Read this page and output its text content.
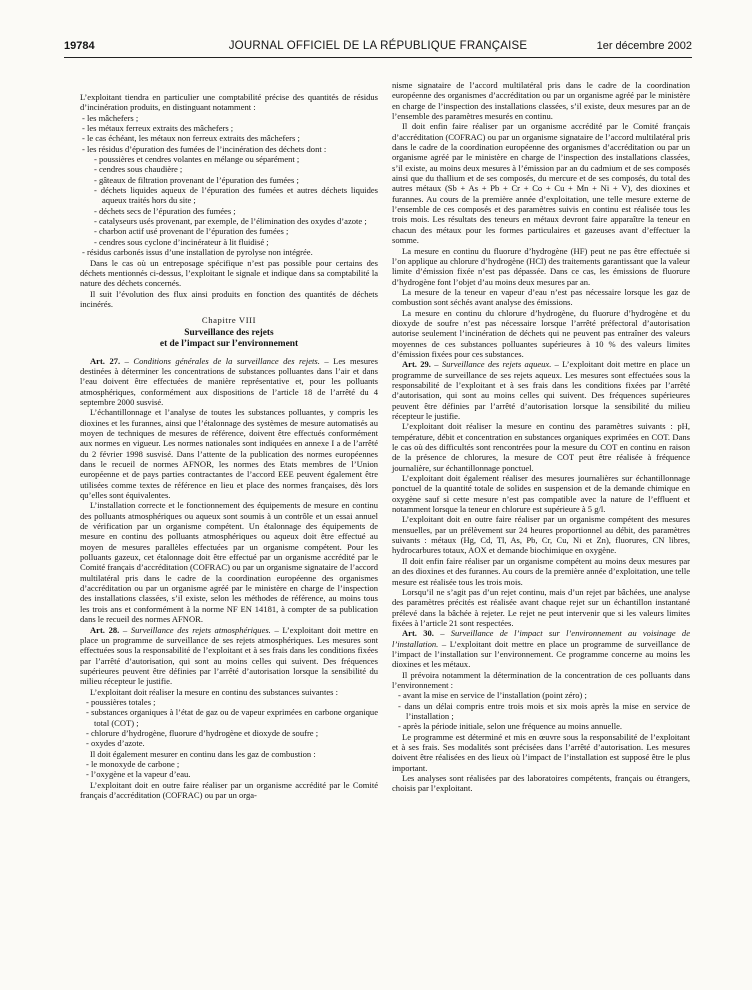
19784	JOURNAL OFFICIEL DE LA RÉPUBLIQUE FRANÇAISE	1er décembre 2002

L’exploitant tiendra en particulier une comptabilité précise des quantités de résidus d’incinération produits, en distinguant notamment :

- les mâchefers ;
- les métaux ferreux extraits des mâchefers ;
- le cas échéant, les métaux non ferreux extraits des mâchefers ;
- les résidus d’épuration des fumées de l’incinération des déchets dont :
- poussières et cendres volantes en mélange ou séparément ;
- cendres sous chaudière ;
- gâteaux de filtration provenant de l’épuration des fumées ;
- déchets liquides aqueux de l’épuration des fumées et autres déchets liquides aqueux traités hors du site ;
- déchets secs de l’épuration des fumées ;
- catalyseurs usés provenant, par exemple, de l’élimination des oxydes d’azote ;
- charbon actif usé provenant de l’épuration des fumées ;
- cendres sous cyclone d’incinérateur à lit fluidisé ;
- résidus carbonés issus d’une installation de pyrolyse non intégrée.

Dans le cas où un entreposage spécifique n’est pas possible pour certains des déchets mentionnés ci-dessus, l’exploitant le signale et indique dans sa comptabilité la nature des déchets concernés.

Il suit l’évolution des flux ainsi produits en fonction des quantités de déchets incinérés.

Chapitre VIII
Surveillance des rejets
et de l’impact sur l’environnement

Art. 27. – Conditions générales de la surveillance des rejets. – Les mesures destinées à déterminer les concentrations de substances polluantes dans l’air et dans l’eau doivent être effectuées de manière représentative et, pour les polluants atmosphériques, conformément aux dispositions de l’article 18 de l’arrêté du 4 septembre 2000 susvisé.

L’échantillonnage et l’analyse de toutes les substances polluantes, y compris les dioxines et les furannes, ainsi que l’étalonnage des systèmes de mesure automatisés au moyen de techniques de mesures de référence, doivent être effectués conformément aux normes en vigueur. Les normes nationales sont indiquées en annexe I a de l’arrêté du 2 février 1998 susvisé. Dans l’attente de la publication des normes européennes dans le recueil de normes AFNOR, les normes des Etats membres de l’Union européenne et de pays parties contractantes de l’accord EEE peuvent également être utilisées comme textes de référence en lieu et place des normes françaises, dès lors qu’elles sont équivalentes.

L’installation correcte et le fonctionnement des équipements de mesure en continu des polluants atmosphériques ou aqueux sont soumis à un contrôle et un essai annuel de vérification par un organisme compétent. Un étalonnage des équipements de mesure en continu des polluants atmosphériques ou aqueux doit être effectué au moyen de mesures parallèles effectuées par un organisme compétent. Pour les polluants gazeux, cet étalonnage doit être effectué par un organisme accrédité par le Comité français d’accréditation (COFRAC) ou par un organisme signataire de l’accord multilatéral pris dans le cadre de la coordination européenne des organismes d’accréditation ou par un organisme agréé par le ministère en charge de l’inspection des installations classées, s’il existe, selon les méthodes de référence, au moins tous les trois ans et conformément à la norme NF EN 14181, à compter de sa publication dans le recueil des normes AFNOR.

Art. 28. – Surveillance des rejets atmosphériques. – L’exploitant doit mettre en place un programme de surveillance de ses rejets atmosphériques. Les mesures sont effectuées sous la responsabilité de l’exploitant et à ses frais dans les conditions fixées par l’arrêté d’autorisation, qui sont au moins celles qui suivent. Des fréquences supérieures peuvent être définies par l’arrêté d’autorisation lorsque la sensibilité du milieu récepteur le justifie.

L’exploitant doit réaliser la mesure en continu des substances suivantes :

- poussières totales ;
- substances organiques à l’état de gaz ou de vapeur exprimées en carbone organique total (COT) ;
- chlorure d’hydrogène, fluorure d’hydrogène et dioxyde de soufre ;
- oxydes d’azote.

Il doit également mesurer en continu dans les gaz de combustion :

- le monoxyde de carbone ;
- l’oxygène et la vapeur d’eau.

L’exploitant doit en outre faire réaliser par un organisme accrédité par le Comité français d’accréditation (COFRAC) ou par un orga-

nisme signataire de l’accord multilatéral pris dans le cadre de la coordination européenne des organismes d’accréditation ou par un organisme agréé par le ministère en charge de l’inspection des installations classées, s’il existe, deux mesures par an de l’ensemble des paramètres mesurés en continu.

Il doit enfin faire réaliser par un organisme accrédité par le Comité français d’accréditation (COFRAC) ou par un organisme signataire de l’accord multilatéral pris dans le cadre de la coordination européenne des organismes d’accréditation ou par un organisme agréé par le ministère en charge de l’inspection des installations classées, s’il existe, au moins deux mesures à l’émission par an du cadmium et de ses composés ainsi que du thallium et de ses composés, du mercure et de ses composés, du total des autres métaux (Sb + As + Pb + Cr + Co + Cu + Mn + Ni + V), des dioxines et furannes. Au cours de la première année d’exploitation, une telle mesure externe de l’ensemble de ces composés et des paramètres suivis en continu est réalisée tous les trois mois. Les résultats des teneurs en métaux devront faire apparaître la teneur en chacun des métaux pour les formes particulaires et gazeuses avant d’effectuer la somme.

La mesure en continu du fluorure d’hydrogène (HF) peut ne pas être effectuée si l’on applique au chlorure d’hydrogène (HCl) des traitements garantissant que la valeur limite d’émission fixée n’est pas dépassée. Dans ce cas, les émissions de fluorure d’hydrogène font l’objet d’au moins deux mesures par an.

La mesure de la teneur en vapeur d’eau n’est pas nécessaire lorsque les gaz de combustion sont séchés avant analyse des émissions.

La mesure en continu du chlorure d’hydrogène, du fluorure d’hydrogène et du dioxyde de soufre n’est pas nécessaire lorsque l’arrêté préfectoral d’autorisation autorise seulement l’incinération de déchets qui ne peuvent pas entraîner des valeurs moyennes de ces substances polluantes supérieures à 10 % des valeurs limites d’émission fixées pour ces substances.

Art. 29. – Surveillance des rejets aqueux. – L’exploitant doit mettre en place un programme de surveillance de ses rejets aqueux. Les mesures sont effectuées sous la responsabilité de l’exploitant et à ses frais dans les conditions fixées par l’arrêté d’autorisation, qui sont au moins celles qui suivent. Des fréquences supérieures peuvent être définies par l’arrêté d’autorisation lorsque la sensibilité du milieu récepteur le justifie.

L’exploitant doit réaliser la mesure en continu des paramètres suivants : pH, température, débit et concentration en substances organiques exprimées en COT. Dans le cas où des difficultés sont rencontrées pour la mesure du COT en continu en raison de la présence de chlorures, la mesure de COT peut être réalisée à fréquence journalière, sur échantillonnage ponctuel.

L’exploitant doit également réaliser des mesures journalières sur échantillonnage ponctuel de la quantité totale de solides en suspension et de la demande chimique en oxygène sauf si cette mesure n’est pas compatible avec la nature de l’effluent et notamment lorsque la teneur en chlorure est supérieure à 5 g/l.

L’exploitant doit en outre faire réaliser par un organisme compétent des mesures mensuelles, par un prélèvement sur 24 heures proportionnel au débit, des paramètres suivants : métaux (Hg, Cd, Tl, As, Pb, Cr, Cu, Ni et Zn), fluorures, CN libres, hydrocarbures totaux, AOX et demande biochimique en oxygène.

Il doit enfin faire réaliser par un organisme compétent au moins deux mesures par an des dioxines et des furannes. Au cours de la première année d’exploitation, une telle mesure est réalisée tous les trois mois.

Lorsqu’il ne s’agit pas d’un rejet continu, mais d’un rejet par bâchées, une analyse des paramètres précités est réalisée avant chaque rejet sur un échantillon instantané prélevé dans la bâchée à rejeter. Le rejet ne peut intervenir que si les valeurs limites fixées à l’article 21 sont respectées.

Art. 30. – Surveillance de l’impact sur l’environnement au voisinage de l’installation. – L’exploitant doit mettre en place un programme de surveillance de l’impact de l’installation sur l’environnement. Ce programme concerne au moins les dioxines et les métaux.

Il prévoira notamment la détermination de la concentration de ces polluants dans l’environnement :

- avant la mise en service de l’installation (point zéro) ;
- dans un délai compris entre trois mois et six mois après la mise en service de l’installation ;
- après la période initiale, selon une fréquence au moins annuelle.

Le programme est déterminé et mis en œuvre sous la responsabilité de l’exploitant et à ses frais. Ses modalités sont précisées dans l’arrêté d’autorisation. Les mesures doivent être réalisées en des lieux où l’impact de l’installation est supposé être le plus important.

Les analyses sont réalisées par des laboratoires compétents, français ou étrangers, choisis par l’exploitant.
